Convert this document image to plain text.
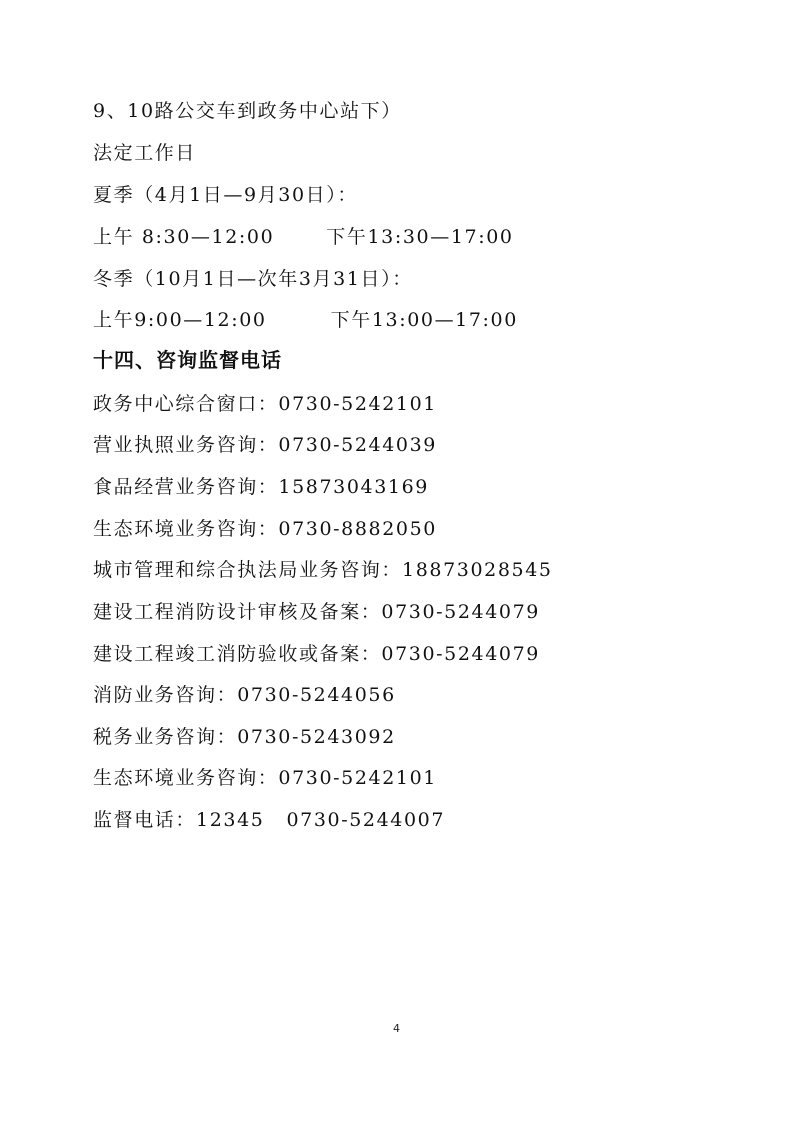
9、10路公交车到政务中心站下）
法定工作日
夏季（4月1日—9月30日）：
上午 8:30—12:00	下午13:30—17:00
冬季（10月1日—次年3月31日）：
上午9:00—12:00	下午13:00—17:00
十四、咨询监督电话
政务中心综合窗口：0730-5242101
营业执照业务咨询：0730-5244039
食品经营业务咨询：15873043169
生态环境业务咨询：0730-8882050
城市管理和综合执法局业务咨询：18873028545
建设工程消防设计审核及备案：0730-5244079
建设工程竣工消防验收或备案：0730-5244079
消防业务咨询：0730-5244056
税务业务咨询：0730-5243092
生态环境业务咨询：0730-5242101
监督电话：12345 0730-5244007
4
